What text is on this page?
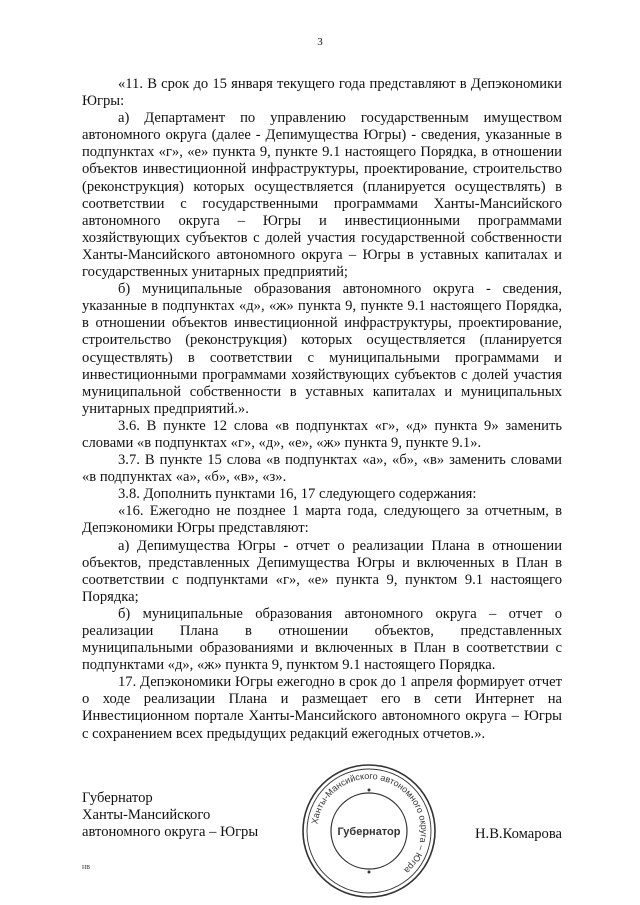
3

«11. В срок до 15 января текущего года представляют в Депэкономики Югры:

а) Департамент по управлению государственным имуществом автономного округа (далее - Депимущества Югры) - сведения, указанные в подпунктах «г», «е» пункта 9, пункте 9.1 настоящего Порядка, в отношении объектов инвестиционной инфраструктуры, проектирование, строительство (реконструкция) которых осуществляется (планируется осуществлять) в соответствии с государственными программами Ханты-Мансийского автономного округа – Югры и инвестиционными программами хозяйствующих субъектов с долей участия государственной собственности Ханты-Мансийского автономного округа – Югры в уставных капиталах и государственных унитарных предприятий;

б) муниципальные образования автономного округа - сведения, указанные в подпунктах «д», «ж» пункта 9, пункте 9.1 настоящего Порядка, в отношении объектов инвестиционной инфраструктуры, проектирование, строительство (реконструкция) которых осуществляется (планируется осуществлять) в соответствии с муниципальными программами и инвестиционными программами хозяйствующих субъектов с долей участия муниципальной собственности в уставных капиталах и муниципальных унитарных предприятий.».

3.6. В пункте 12 слова «в подпунктах «г», «д» пункта 9» заменить словами «в подпунктах «г», «д», «е», «ж» пункта 9, пункте 9.1».

3.7. В пункте 15 слова «в подпунктах «а», «б», «в» заменить словами «в подпунктах «а», «б», «в», «з».

3.8. Дополнить пунктами 16, 17 следующего содержания:

«16. Ежегодно не позднее 1 марта года, следующего за отчетным, в Депэкономики Югры представляют:

а) Депимущества Югры - отчет о реализации Плана в отношении объектов, представленных Депимущества Югры и включенных в План в соответствии с подпунктами «г», «е» пункта 9, пунктом 9.1 настоящего Порядка;

б) муниципальные образования автономного округа – отчет о реализации Плана в отношении объектов, представленных муниципальными образованиями и включенных в План в соответствии с подпунктами «д», «ж» пункта 9, пунктом 9.1 настоящего Порядка.

17. Депэкономики Югры ежегодно в срок до 1 апреля формирует отчет о ходе реализации Плана и размещает его в сети Интернет на Инвестиционном портале Ханты-Мансийского автономного округа – Югры с сохранением всех предыдущих редакций ежегодных отчетов.».

Губернатор
Ханты-Мансийского
автономного округа – Югры	Н.В.Комарова

Ханты-Мансийского автономного округа – Югра
Губернатор
нв
